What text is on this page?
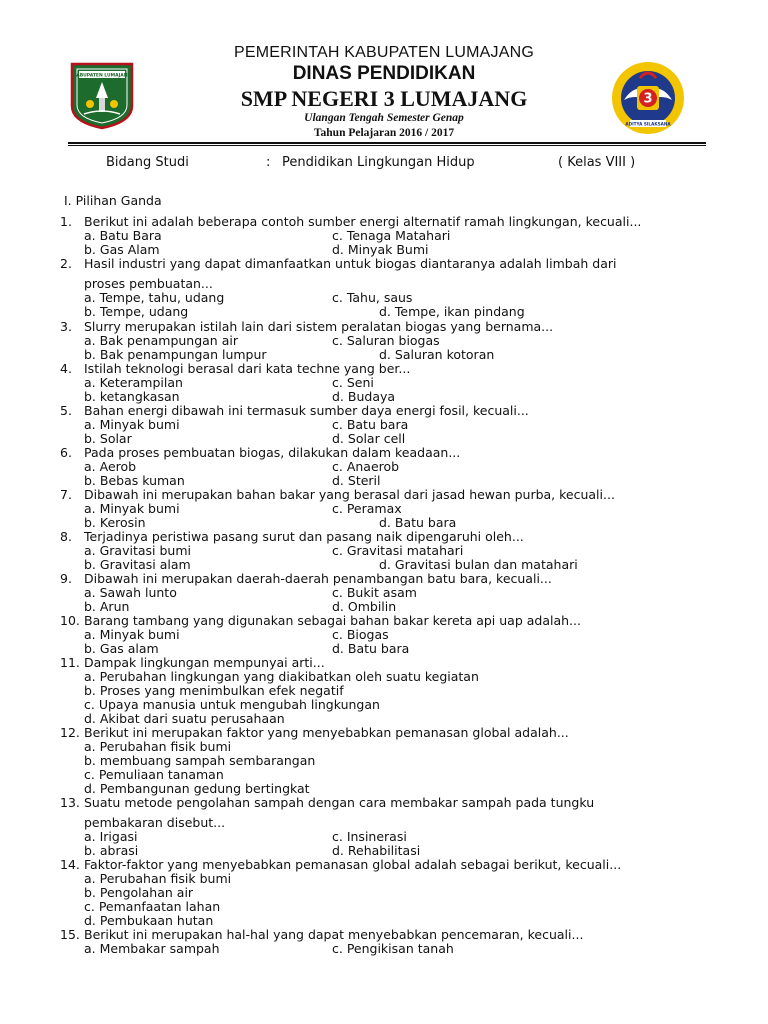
KABUPATEN LUMAJANG
PEMERINTAH KABUPATEN LUMAJANG
DINAS PENDIDIKAN
SMP NEGERI 3 LUMAJANG
Ulangan Tengah Semester Genap
Tahun Pelajaran 2016 / 2017
3
ADITYA SILAKSANA
Bidang Studi	: Pendidikan Lingkungan Hidup	( Kelas VIII )
I. Pilihan Ganda
1. Berikut ini adalah beberapa contoh sumber energi alternatif ramah lingkungan, kecuali...
a. Batu Bara	c. Tenaga Matahari
b. Gas Alam	d. Minyak Bumi
2. Hasil industri yang dapat dimanfaatkan untuk biogas diantaranya adalah limbah dari
proses pembuatan...
a. Tempe, tahu, udang	c. Tahu, saus
b. Tempe, udang	d. Tempe, ikan pindang
3. Slurry merupakan istilah lain dari sistem peralatan biogas yang bernama...
a. Bak penampungan air	c. Saluran biogas
b. Bak penampungan lumpur	d. Saluran kotoran
4. Istilah teknologi berasal dari kata techne yang ber...
a. Keterampilan	c. Seni
b. ketangkasan	d. Budaya
5. Bahan energi dibawah ini termasuk sumber daya energi fosil, kecuali...
a. Minyak bumi	c. Batu bara
b. Solar	d. Solar cell
6. Pada proses pembuatan biogas, dilakukan dalam keadaan...
a. Aerob	c. Anaerob
b. Bebas kuman	d. Steril
7. Dibawah ini merupakan bahan bakar yang berasal dari jasad hewan purba, kecuali...
a. Minyak bumi	c. Peramax
b. Kerosin	d. Batu bara
8. Terjadinya peristiwa pasang surut dan pasang naik dipengaruhi oleh...
a. Gravitasi bumi	c. Gravitasi matahari
b. Gravitasi alam	d. Gravitasi bulan dan matahari
9. Dibawah ini merupakan daerah-daerah penambangan batu bara, kecuali...
a. Sawah lunto	c. Bukit asam
b. Arun	d. Ombilin
10. Barang tambang yang digunakan sebagai bahan bakar kereta api uap adalah...
a. Minyak bumi	c. Biogas
b. Gas alam	d. Batu bara
11. Dampak lingkungan mempunyai arti...
a. Perubahan lingkungan yang diakibatkan oleh suatu kegiatan
b. Proses yang menimbulkan efek negatif
c. Upaya manusia untuk mengubah lingkungan
d. Akibat dari suatu perusahaan
12. Berikut ini merupakan faktor yang menyebabkan pemanasan global adalah...
a. Perubahan fisik bumi
b. membuang sampah sembarangan
c. Pemuliaan tanaman
d. Pembangunan gedung bertingkat
13. Suatu metode pengolahan sampah dengan cara membakar sampah pada tungku
pembakaran disebut...
a. Irigasi	c. Insinerasi
b. abrasi	d. Rehabilitasi
14. Faktor-faktor yang menyebabkan pemanasan global adalah sebagai berikut, kecuali...
a. Perubahan fisik bumi
b. Pengolahan air
c. Pemanfaatan lahan
d. Pembukaan hutan
15. Berikut ini merupakan hal-hal yang dapat menyebabkan pencemaran, kecuali...
a. Membakar sampah	c. Pengikisan tanah
